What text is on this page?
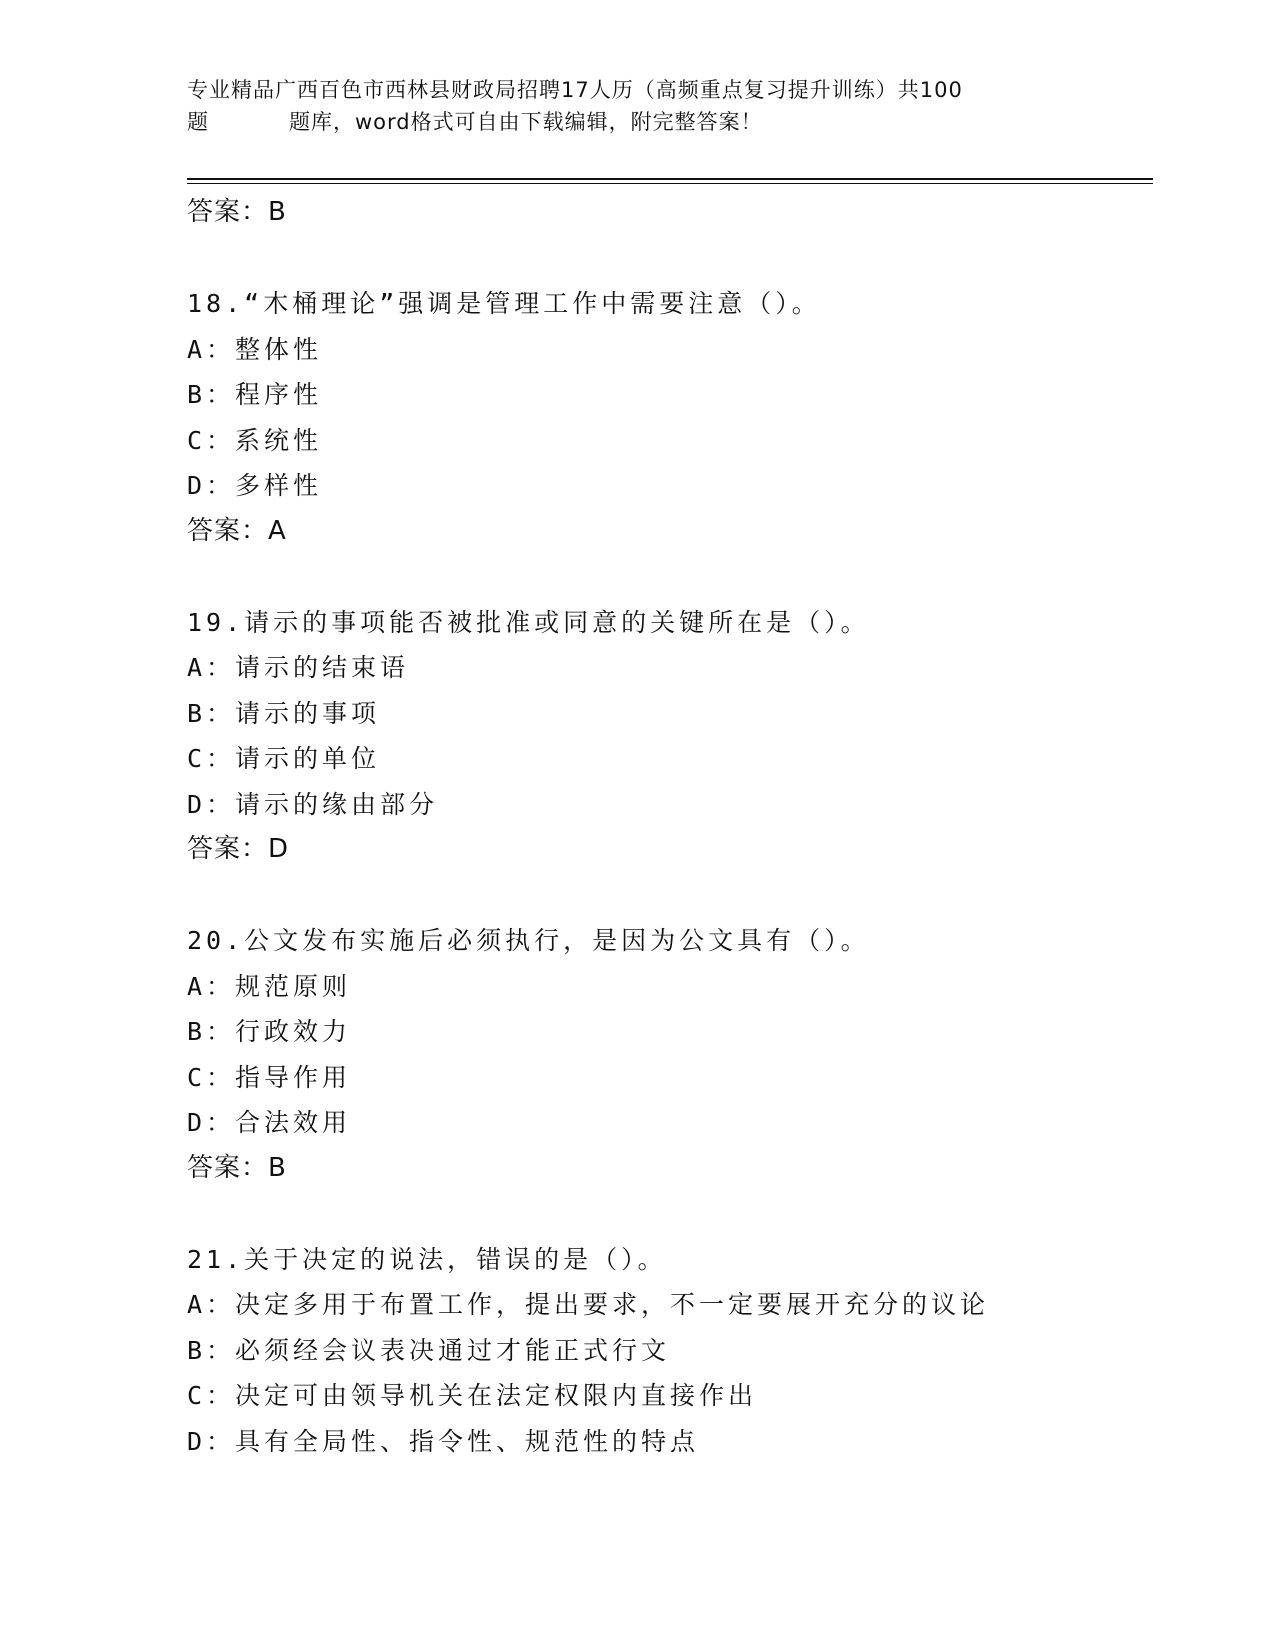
专业精品广西百色市西林县财政局招聘17人历（高频重点复习提升训练）共100
题	题库，word格式可自由下载编辑，附完整答案！
答案：B
18.“木桶理论”强调是管理工作中需要注意（）。
A：整体性
B：程序性
C：系统性
D：多样性
答案：A
19.请示的事项能否被批准或同意的关键所在是（）。
A：请示的结束语
B：请示的事项
C：请示的单位
D：请示的缘由部分
答案：D
20.公文发布实施后必须执行，是因为公文具有（）。
A：规范原则
B：行政效力
C：指导作用
D：合法效用
答案：B
21.关于决定的说法，错误的是（）。
A：决定多用于布置工作，提出要求，不一定要展开充分的议论
B：必须经会议表决通过才能正式行文
C：决定可由领导机关在法定权限内直接作出
D：具有全局性、指令性、规范性的特点
